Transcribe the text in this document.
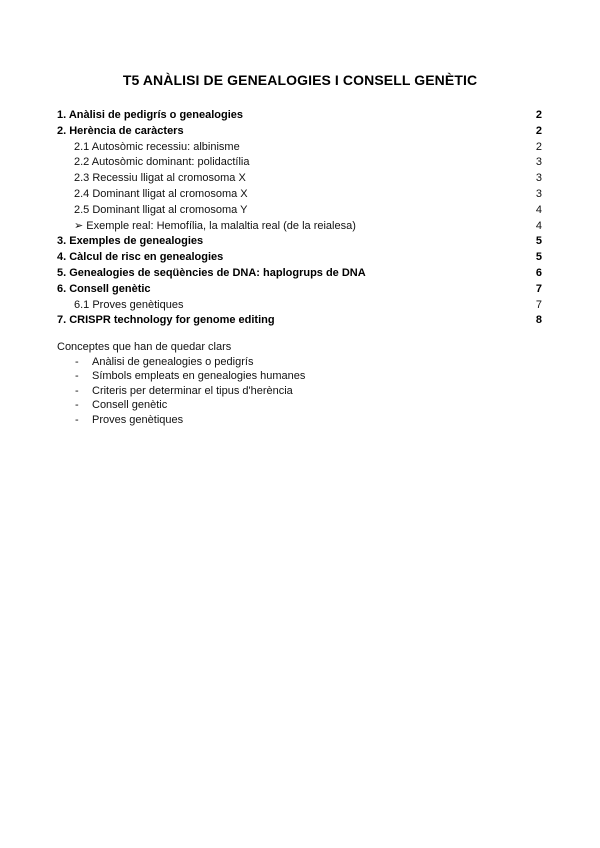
T5 ANÀLISI DE GENEALOGIES I CONSELL GENÈTIC
1. Anàlisi de pedigrís o genealogies	2
2. Herència de caràcters	2
2.1 Autosòmic recessiu: albinisme	2
2.2 Autosòmic dominant: polidactília	3
2.3 Recessiu lligat al cromosoma X	3
2.4 Dominant lligat al cromosoma X	3
2.5 Dominant lligat al cromosoma Y	4
➢ Exemple real: Hemofília, la malaltia real (de la reialesa)	4
3. Exemples de genealogies	5
4. Càlcul de risc en genealogies	5
5. Genealogies de seqüències de DNA: haplogrups de DNA	6
6. Consell genètic	7
6.1 Proves genètiques	7
7. CRISPR technology for genome editing	8

Conceptes que han de quedar clars

-	Anàlisi de genealogies o pedigrís
-	Símbols empleats en genealogies humanes
-	Criteris per determinar el tipus d'herència
-	Consell genètic
-	Proves genètiques
